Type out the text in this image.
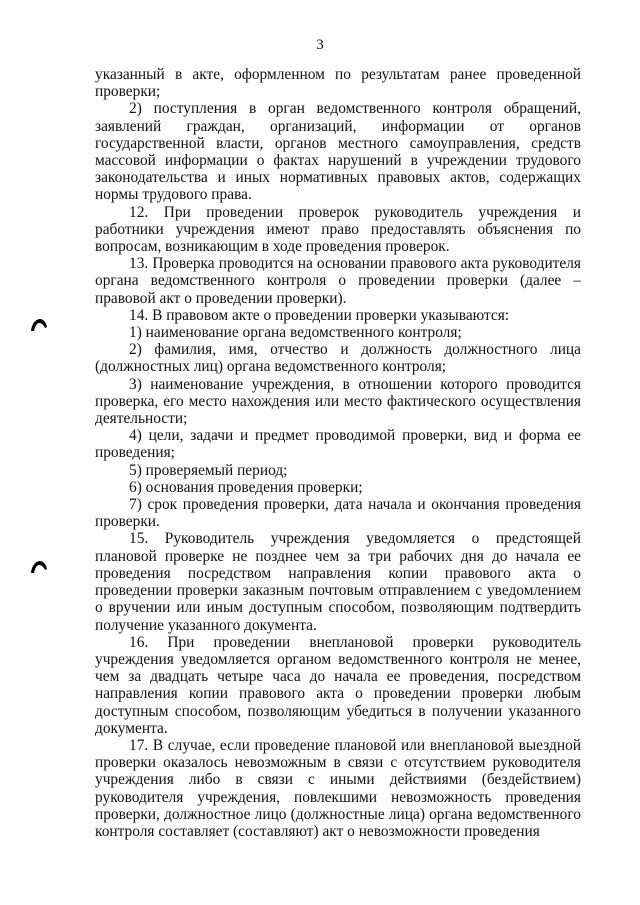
3

указанный в акте, оформленном по результатам ранее проведенной проверки;

2) поступления в орган ведомственного контроля обращений, заявлений граждан, организаций, информации от органов государственной власти, органов местного самоуправления, средств массовой информации о фактах нарушений в учреждении трудового законодательства и иных нормативных правовых актов, содержащих нормы трудового права.

12. При проведении проверок руководитель учреждения и работники учреждения имеют право предоставлять объяснения по вопросам, возникающим в ходе проведения проверок.

13. Проверка проводится на основании правового акта руководителя органа ведомственного контроля о проведении проверки (далее – правовой акт о проведении проверки).

14. В правовом акте о проведении проверки указываются:

1) наименование органа ведомственного контроля;

2) фамилия, имя, отчество и должность должностного лица (должностных лиц) органа ведомственного контроля;

3) наименование учреждения, в отношении которого проводится проверка, его место нахождения или место фактического осуществления деятельности;

4) цели, задачи и предмет проводимой проверки, вид и форма ее проведения;

5) проверяемый период;

6) основания проведения проверки;

7) срок проведения проверки, дата начала и окончания проведения проверки.

15. Руководитель учреждения уведомляется о предстоящей плановой проверке не позднее чем за три рабочих дня до начала ее проведения посредством направления копии правового акта о проведении проверки заказным почтовым отправлением с уведомлением о вручении или иным доступным способом, позволяющим подтвердить получение указанного документа.

16. При проведении внеплановой проверки руководитель учреждения уведомляется органом ведомственного контроля не менее, чем за двадцать четыре часа до начала ее проведения, посредством направления копии правового акта о проведении проверки любым доступным способом, позволяющим убедиться в получении указанного документа.

17. В случае, если проведение плановой или внеплановой выездной проверки оказалось невозможным в связи с отсутствием руководителя учреждения либо в связи с иными действиями (бездействием) руководителя учреждения, повлекшими невозможность проведения проверки, должностное лицо (должностные лица) органа ведомственного контроля составляет (составляют) акт о невозможности проведения
